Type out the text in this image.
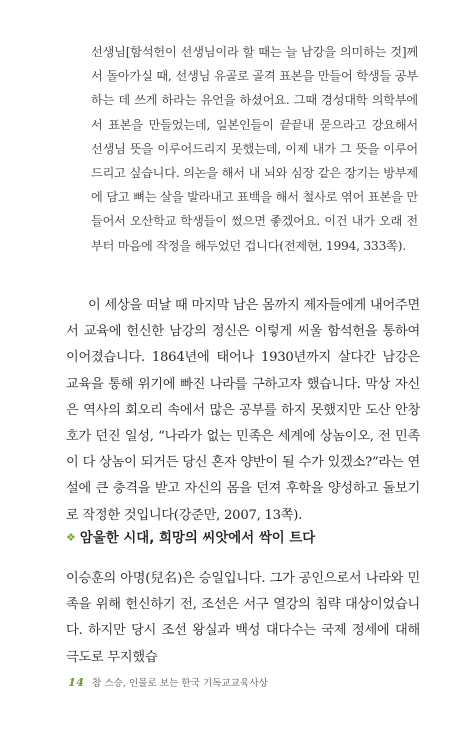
선생님[함석헌이 선생님이라 할 때는 늘 남강을 의미하는 것]께서 돌아가실 때, 선생님 유골로 골격 표본을 만들어 학생들 공부하는 데 쓰게 하라는 유언을 하셨어요. 그때 경성대학 의학부에서 표본을 만들었는데, 일본인들이 끝끝내 묻으라고 강요해서 선생님 뜻을 이루어드리지 못했는데, 이제 내가 그 뜻을 이루어드리고 싶습니다. 의논을 해서 내 뇌와 심장 같은 장기는 방부제에 담고 뼈는 살을 발라내고 표백을 해서 철사로 엮어 표본을 만들어서 오산학교 학생들이 썼으면 좋겠어요. 이건 내가 오래 전부터 마음에 작정을 해두었던 겁니다(전제현, 1994, 333쪽).

이 세상을 떠날 때 마지막 남은 몸까지 제자들에게 내어주면서 교육에 헌신한 남강의 정신은 이렇게 씨울 함석헌을 통하여 이어졌습니다. 1864년에 태어나 1930년까지 살다간 남강은 교육을 통해 위기에 빠진 나라를 구하고자 했습니다. 막상 자신은 역사의 회오리 속에서 많은 공부를 하지 못했지만 도산 안창호가 던진 일성, “나라가 없는 민족은 세계에 상놈이오, 전 민족이 다 상놈이 되거든 당신 혼자 양반이 될 수가 있겠소?”라는 연설에 큰 충격을 받고 자신의 몸을 던져 후학을 양성하고 돌보기로 작정한 것입니다(강준만, 2007, 13쪽).

❖ 암울한 시대, 희망의 씨앗에서 싹이 트다

이승훈의 아명(兒名)은 승일입니다. 그가 공인으로서 나라와 민족을 위해 헌신하기 전, 조선은 서구 열강의 침략 대상이었습니다. 하지만 당시 조선 왕실과 백성 대다수는 국제 정세에 대해 극도로 무지했습

14 참 스승, 인물로 보는 한국 기독교교육사상
